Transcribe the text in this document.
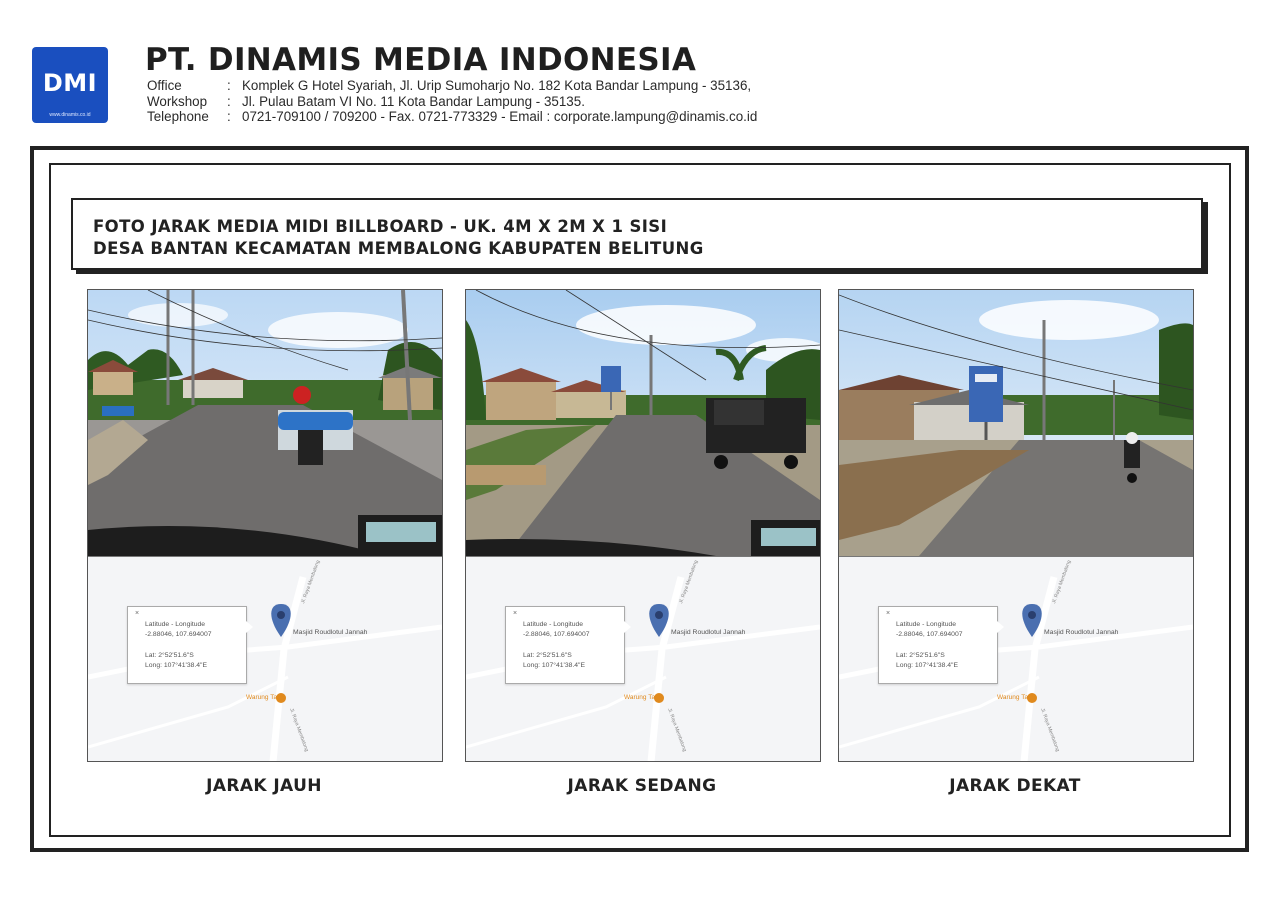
DMI
www.dinamis.co.id
PT. DINAMIS MEDIA INDONESIA
Office	: Komplek G Hotel Syariah, Jl. Urip Sumoharjo No. 182 Kota Bandar Lampung - 35136,
Workshop : Jl. Pulau Batam VI No. 11 Kota Bandar Lampung - 35135.
Telephone : 0721-709100 / 709200 - Fax. 0721-773329 - Email : corporate.lampung@dinamis.co.id
FOTO JARAK MEDIA MIDI BILLBOARD - UK. 4M X 2M X 1 SISI
DESA BANTAN KECAMATAN MEMBALONG KABUPATEN BELITUNG
×
Latitude - Longitude
-2.88046, 107.694007
Lat: 2°52'51.6"S
Long: 107°41'38.4"E
Masjid Roudlotul Jannah
Warung Tante
Jl. Raya Membalong
Jl. Raya Membalong
×
Latitude - Longitude
-2.88046, 107.694007
Lat: 2°52'51.6"S
Long: 107°41'38.4"E
Masjid Roudlotul Jannah
Warung Tante
Jl. Raya Membalong
Jl. Raya Membalong
×
Latitude - Longitude
-2.88046, 107.694007
Lat: 2°52'51.6"S
Long: 107°41'38.4"E
Masjid Roudlotul Jannah
Warung Tante
Jl. Raya Membalong
Jl. Raya Membalong
JARAK JAUH	JARAK SEDANG	JARAK DEKAT
